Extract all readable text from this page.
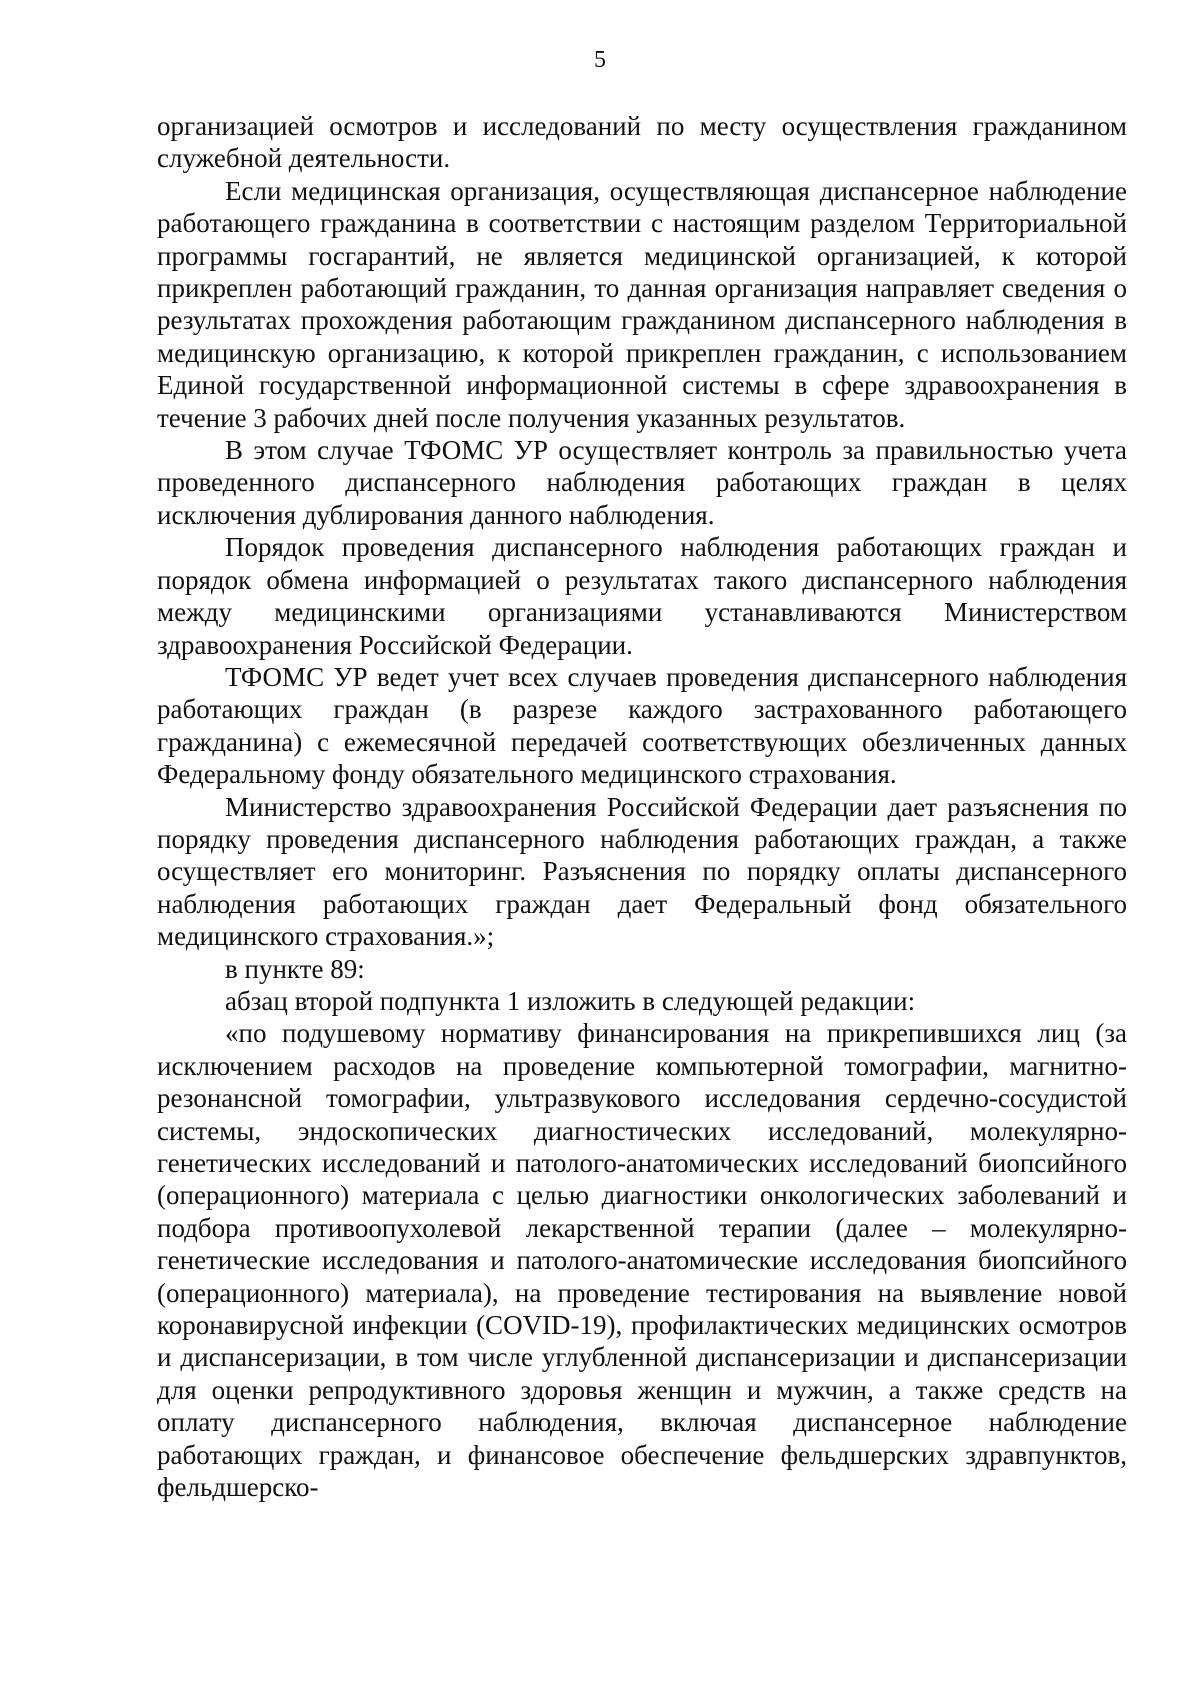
5

организацией осмотров и исследований по месту осуществления гражданином служебной деятельности.

Если медицинская организация, осуществляющая диспансерное наблюдение работающего гражданина в соответствии с настоящим разделом Территориальной программы госгарантий, не является медицинской организацией, к которой прикреплен работающий гражданин, то данная организация направляет сведения о результатах прохождения работающим гражданином диспансерного наблюдения в медицинскую организацию, к которой прикреплен гражданин, с использованием Единой государственной информационной системы в сфере здравоохранения в течение 3 рабочих дней после получения указанных результатов.

В этом случае ТФОМС УР осуществляет контроль за правильностью учета проведенного диспансерного наблюдения работающих граждан в целях исключения дублирования данного наблюдения.

Порядок проведения диспансерного наблюдения работающих граждан и порядок обмена информацией о результатах такого диспансерного наблюдения между медицинскими организациями устанавливаются Министерством здравоохранения Российской Федерации.

ТФОМС УР ведет учет всех случаев проведения диспансерного наблюдения работающих граждан (в разрезе каждого застрахованного работающего гражданина) с ежемесячной передачей соответствующих обезличенных данных Федеральному фонду обязательного медицинского страхования.

Министерство здравоохранения Российской Федерации дает разъяснения по порядку проведения диспансерного наблюдения работающих граждан, а также осуществляет его мониторинг. Разъяснения по порядку оплаты диспансерного наблюдения работающих граждан дает Федеральный фонд обязательного медицинского страхования.»;

в пункте 89:

абзац второй подпункта 1 изложить в следующей редакции:

«по подушевому нормативу финансирования на прикрепившихся лиц (за исключением расходов на проведение компьютерной томографии, магнитно-резонансной томографии, ультразвукового исследования сердечно-сосудистой системы, эндоскопических диагностических исследований, молекулярно-генетических исследований и патолого-анатомических исследований биопсийного (операционного) материала с целью диагностики онкологических заболеваний и подбора противоопухолевой лекарственной терапии (далее – молекулярно-генетические исследования и патолого-анатомические исследования биопсийного (операционного) материала), на проведение тестирования на выявление новой коронавирусной инфекции (COVID-19), профилактических медицинских осмотров и диспансеризации, в том числе углубленной диспансеризации и диспансеризации для оценки репродуктивного здоровья женщин и мужчин, а также средств на оплату диспансерного наблюдения, включая диспансерное наблюдение работающих граждан, и финансовое обеспечение фельдшерских здравпунктов, фельдшерско-
